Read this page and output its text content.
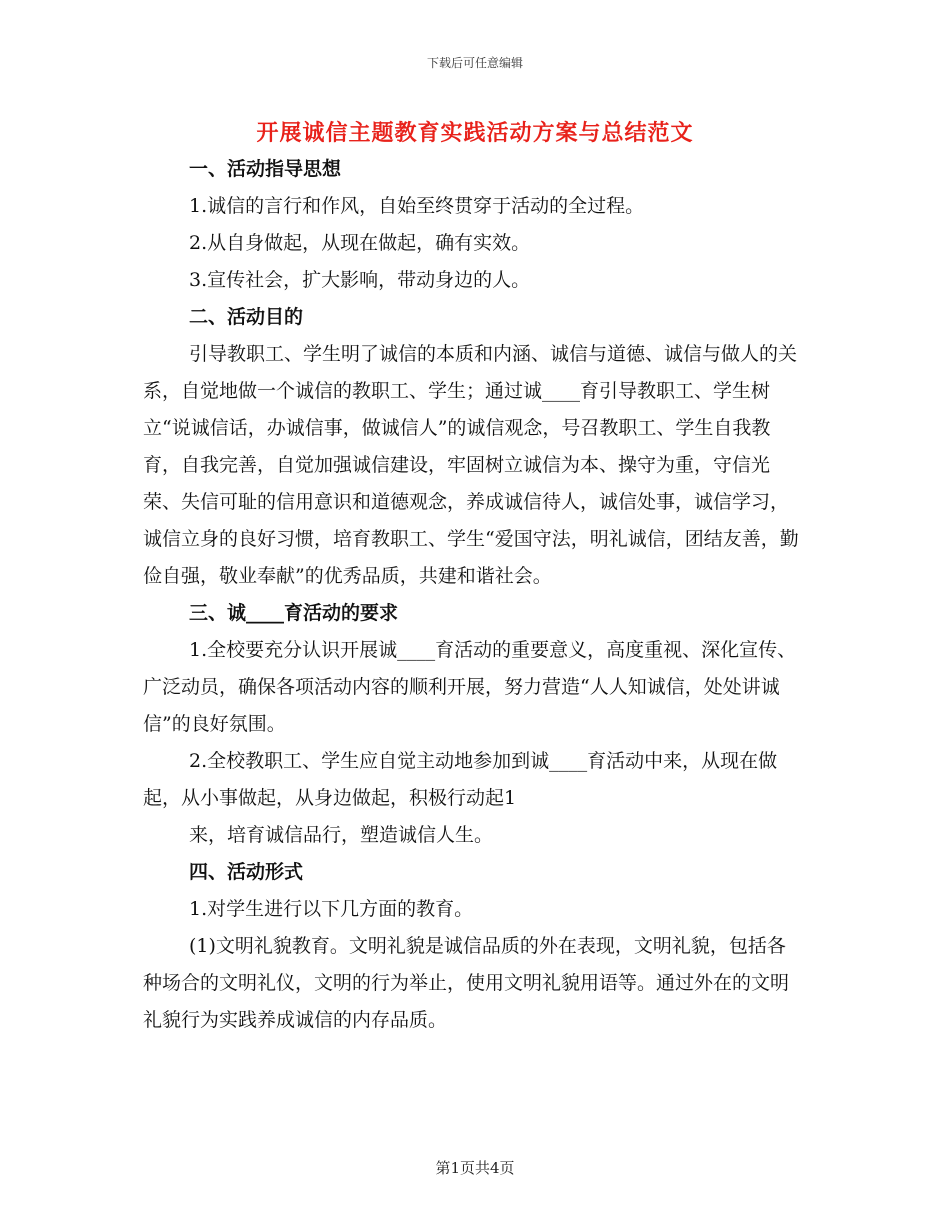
下载后可任意编辑
开展诚信主题教育实践活动方案与总结范文
一、活动指导思想

1.诚信的言行和作风，自始至终贯穿于活动的全过程。

2.从自身做起，从现在做起，确有实效。

3.宣传社会，扩大影响，带动身边的人。

二、活动目的

引导教职工、学生明了诚信的本质和内涵、诚信与道德、诚信与做人的关系，自觉地做一个诚信的教职工、学生；通过诚____育引导教职工、学生树立“说诚信话，办诚信事，做诚信人”的诚信观念，号召教职工、学生自我教育，自我完善，自觉加强诚信建设，牢固树立诚信为本、操守为重，守信光荣、失信可耻的信用意识和道德观念，养成诚信待人，诚信处事，诚信学习，诚信立身的良好习惯，培育教职工、学生“爱国守法，明礼诚信，团结友善，勤俭自强，敬业奉献”的优秀品质，共建和谐社会。

三、诚____育活动的要求

1.全校要充分认识开展诚____育活动的重要意义，高度重视、深化宣传、广泛动员，确保各项活动内容的顺利开展，努力营造“人人知诚信，处处讲诚信”的良好氛围。

2.全校教职工、学生应自觉主动地参加到诚____育活动中来，从现在做起，从小事做起，从身边做起，积极行动起1

来，培育诚信品行，塑造诚信人生。

四、活动形式

1.对学生进行以下几方面的教育。

(1)文明礼貌教育。文明礼貌是诚信品质的外在表现，文明礼貌，包括各种场合的文明礼仪，文明的行为举止，使用文明礼貌用语等。通过外在的文明礼貌行为实践养成诚信的内存品质。

第1页共4页
